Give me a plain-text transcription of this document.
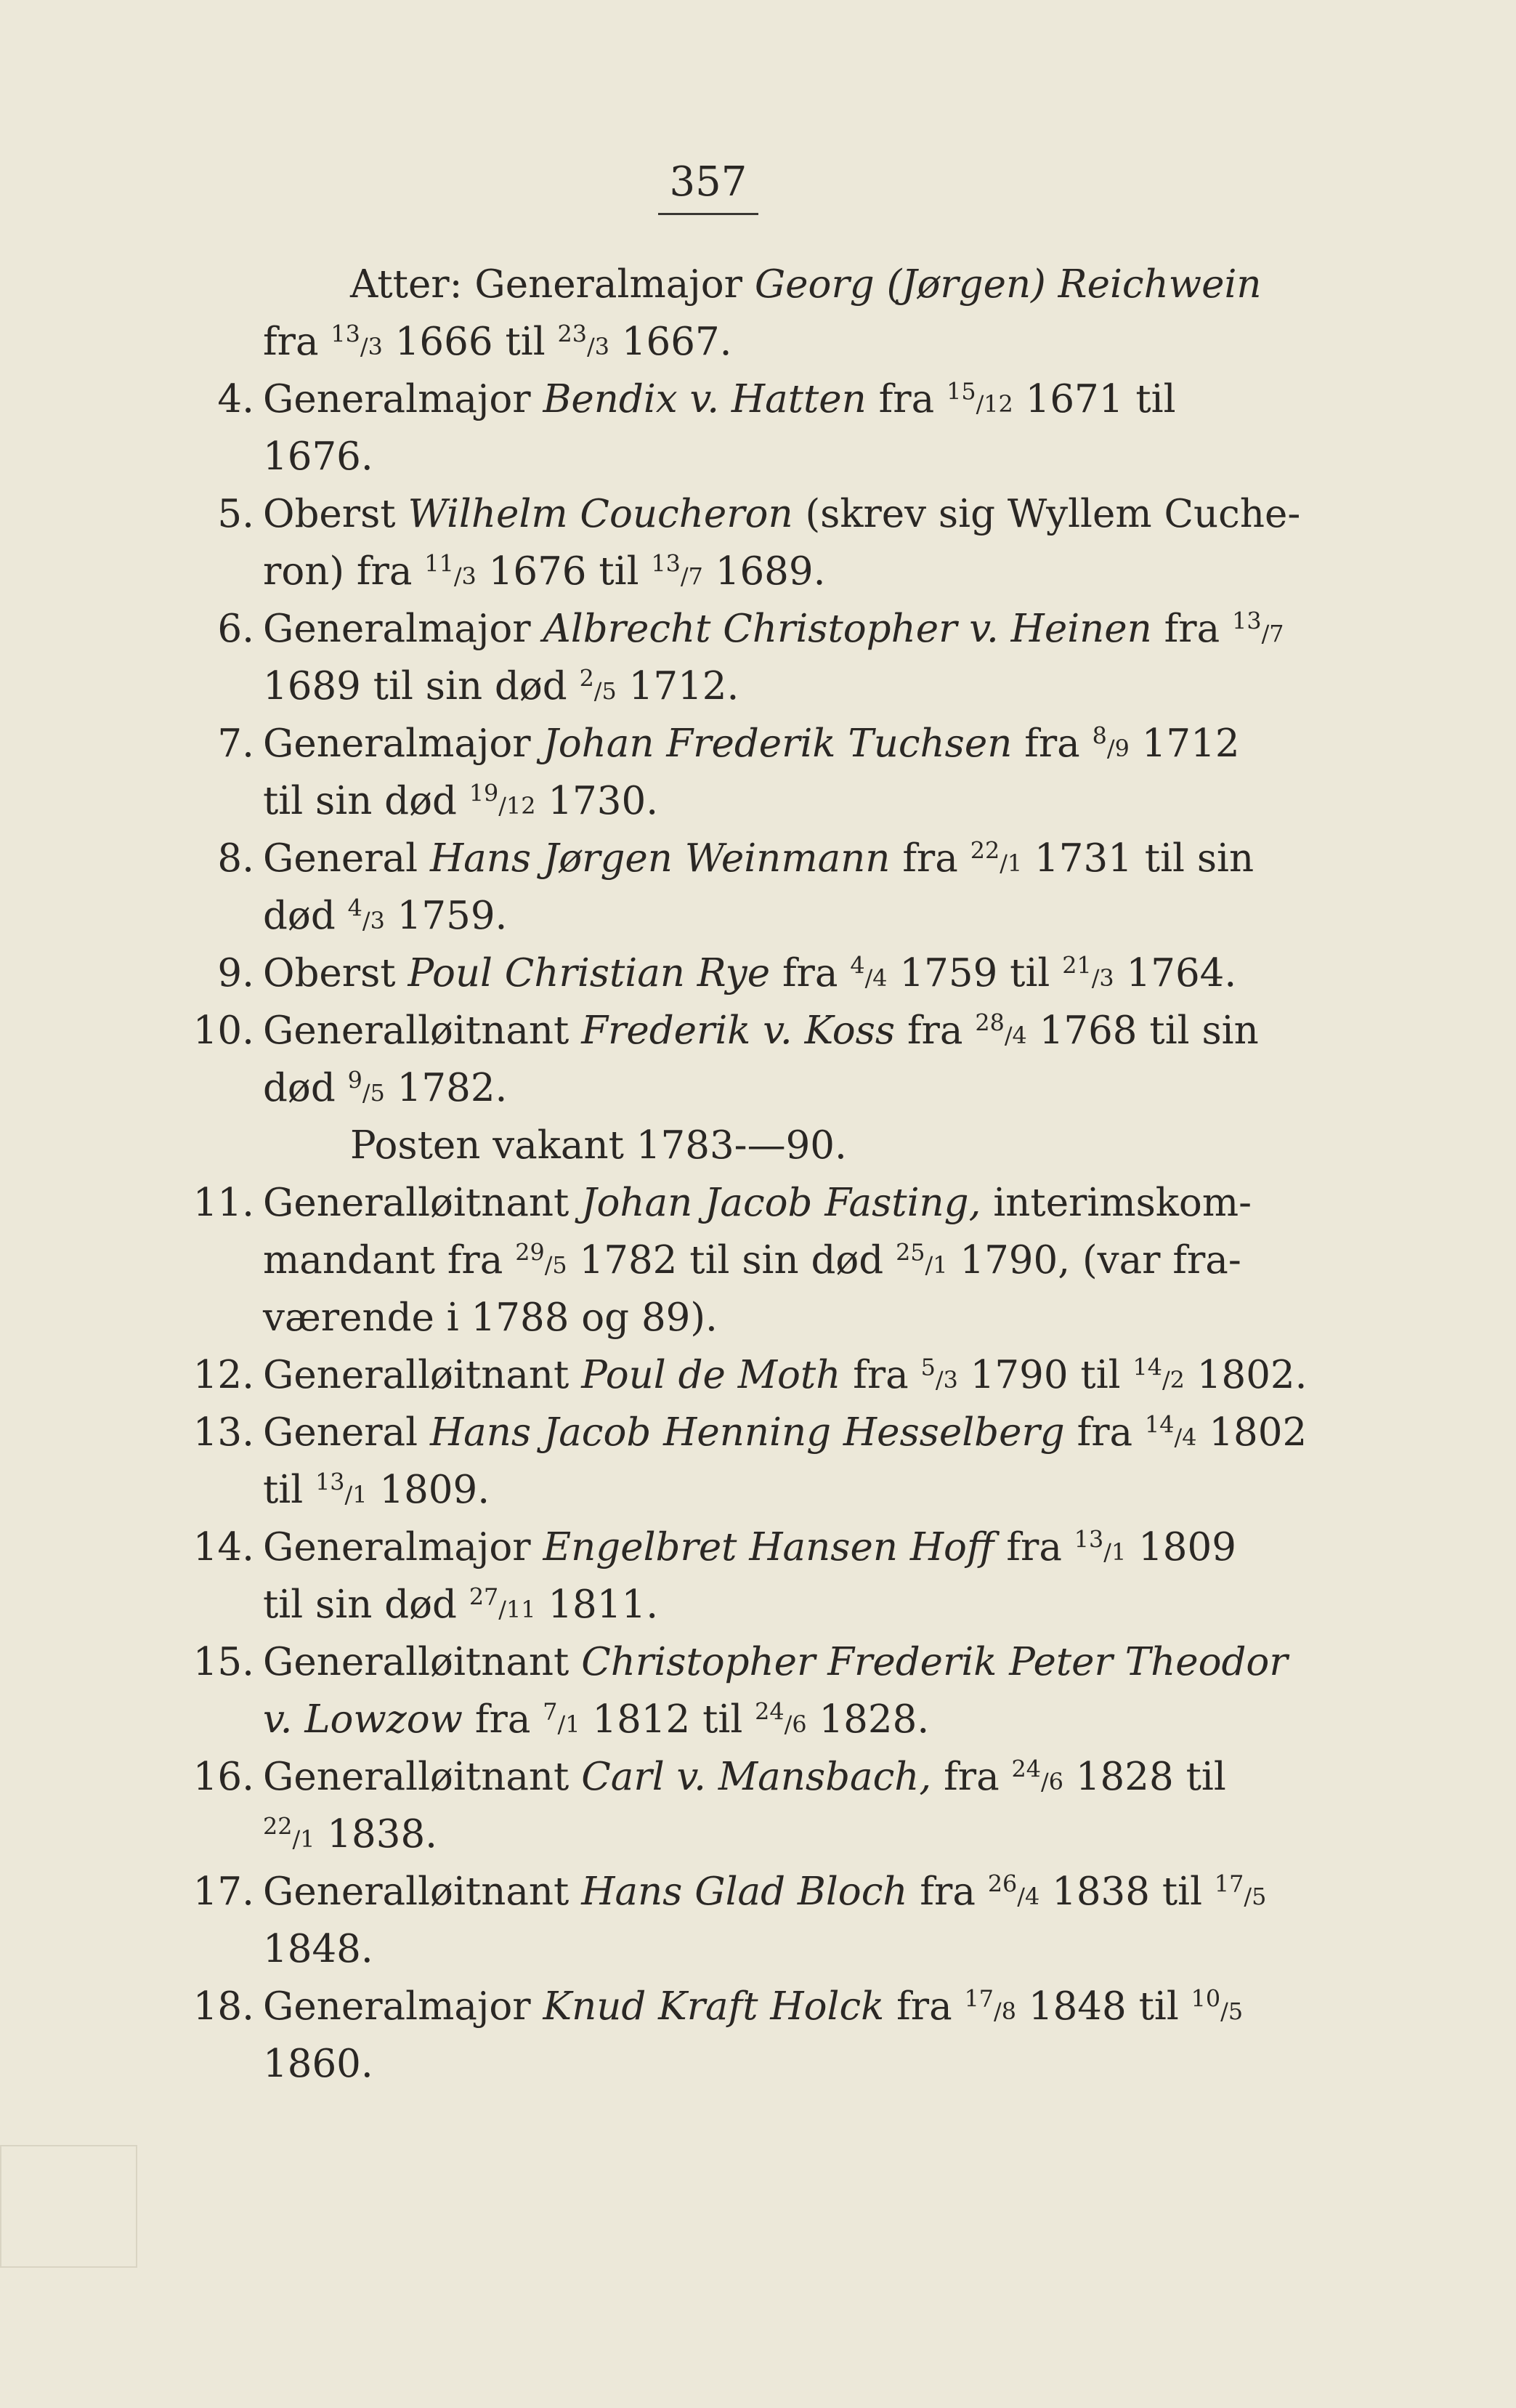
357
Atter: Generalmajor Georg (Jørgen) Reichwein
fra $^{13}$/3 1666 til $^{23}$/3 1667.
4. Generalmajor Bendix v. Hatten fra $^{15}$/12 1671 til
1676.
5. Oberst Wilhelm Coucheron (skrev sig Wyllem Cuche-
ron) fra $^{11}$/3 1676 til $^{13}$/7 1689.
6. Generalmajor Albrecht Christopher v. Heinen fra $^{13}$/7
1689 til sin død $^2$/5 1712.
7. Generalmajor Johan Frederik Tuchsen fra $^8$/9 1712
til sin død $^{19}$/12 1730.
8. General Hans Jørgen Weinmann fra $^{22}$/1 1731 til sin
død $^4$/3 1759.
9. Oberst Poul Christian Rye fra $^4$/4 1759 til $^{21}$/3 1764.
10. Generalløitnant Frederik v. Koss fra $^{28}$/4 1768 til sin
død $^9$/5 1782.
Posten vakant 1783-—90.
11. Generalløitnant Johan Jacob Fasting, interimskom-
mandant fra $^{29}$/5 1782 til sin død $^{25}$/1 1790, (var fra-
værende i 1788 og 89).
12. Generalløitnant Poul de Moth fra $^5$/3 1790 til $^{14}$/2 1802.
13. General Hans Jacob Henning Hesselberg fra $^{14}$/4 1802
til $^{13}$/1 1809.
14. Generalmajor Engelbret Hansen Hoff fra $^{13}$/1 1809
til sin død $^{27}$/11 1811.
15. Generalløitnant Christopher Frederik Peter Theodor
v. Lowzow fra $^7$/1 1812 til $^{24}$/6 1828.
16. Generalløitnant Carl v. Mansbach, fra $^{24}$/6 1828 til
$^{22}$/1 1838.
17. Generalløitnant Hans Glad Bloch fra $^{26}$/4 1838 til $^{17}$/5
1848.
18. Generalmajor Knud Kraft Holck fra $^{17}$/8 1848 til $^{10}$/5
1860.
